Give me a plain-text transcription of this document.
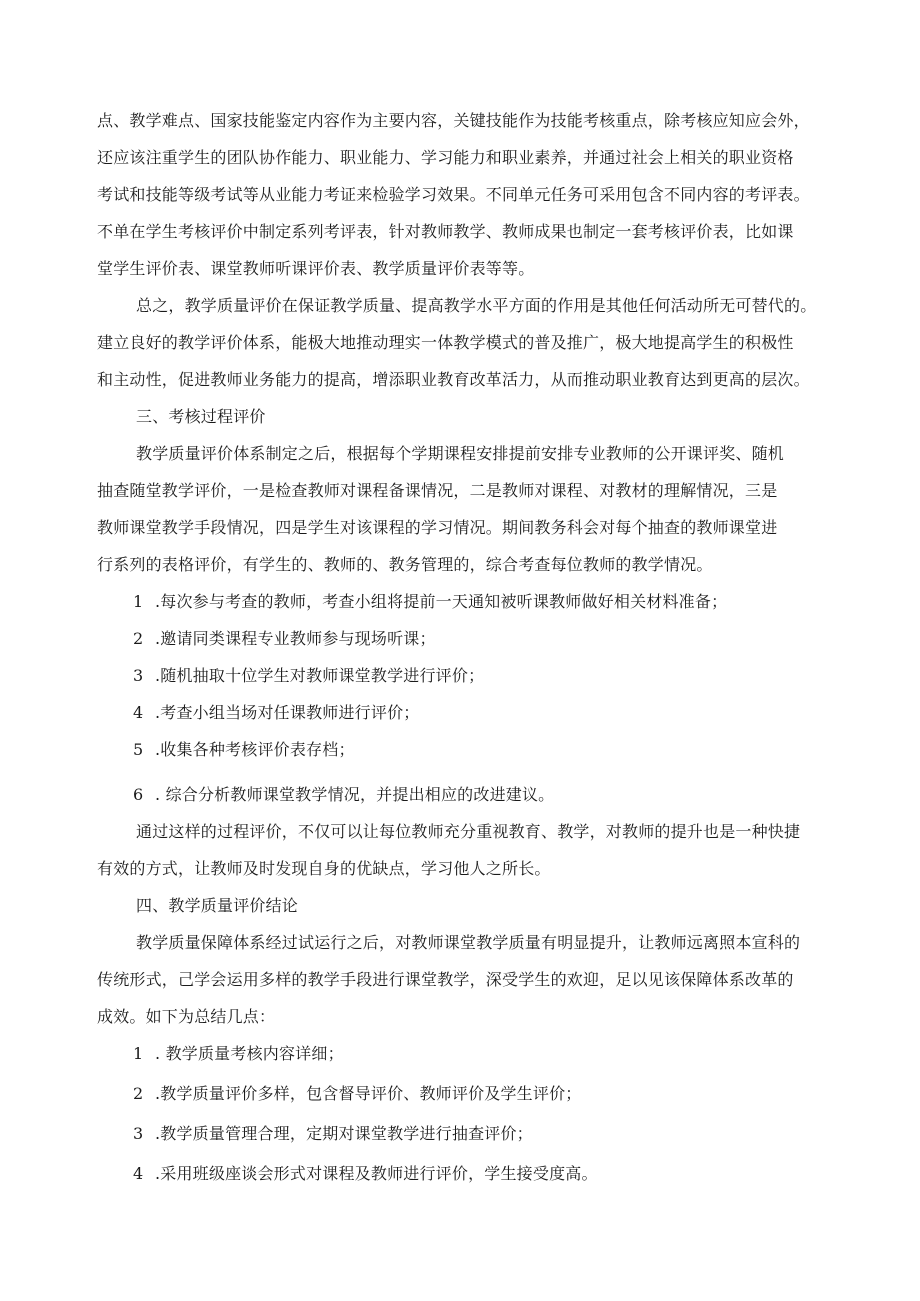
点、教学难点、国家技能鉴定内容作为主要内容，关键技能作为技能考核重点，除考核应知应会外，
还应该注重学生的团队协作能力、职业能力、学习能力和职业素养，并通过社会上相关的职业资格
考试和技能等级考试等从业能力考证来检验学习效果。不同单元任务可采用包含不同内容的考评表。
不单在学生考核评价中制定系列考评表，针对教师教学、教师成果也制定一套考核评价表，比如课
堂学生评价表、课堂教师听课评价表、教学质量评价表等等。
总之，教学质量评价在保证教学质量、提高教学水平方面的作用是其他任何活动所无可替代的。
建立良好的教学评价体系，能极大地推动理实一体教学模式的普及推广，极大地提高学生的积极性
和主动性，促进教师业务能力的提高，增添职业教育改革活力，从而推动职业教育达到更高的层次。
三、考核过程评价
教学质量评价体系制定之后，根据每个学期课程安排提前安排专业教师的公开课评奖、随机
抽查随堂教学评价，一是检查教师对课程备课情况，二是教师对课程、对教材的理解情况，三是
教师课堂教学手段情况，四是学生对该课程的学习情况。期间教务科会对每个抽查的教师课堂进
行系列的表格评价，有学生的、教师的、教务管理的，综合考查每位教师的教学情况。
1 .每次参与考查的教师，考查小组将提前一天通知被听课教师做好相关材料准备；
2 .邀请同类课程专业教师参与现场听课；
3 .随机抽取十位学生对教师课堂教学进行评价；
4 .考查小组当场对任课教师进行评价；
5 .收集各种考核评价表存档；
6 . 综合分析教师课堂教学情况，并提出相应的改进建议。
通过这样的过程评价，不仅可以让每位教师充分重视教育、教学，对教师的提升也是一种快捷
有效的方式，让教师及时发现自身的优缺点，学习他人之所长。
四、教学质量评价结论
教学质量保障体系经过试运行之后，对教师课堂教学质量有明显提升，让教师远离照本宣科的
传统形式，己学会运用多样的教学手段进行课堂教学，深受学生的欢迎，足以见该保障体系改革的
成效。如下为总结几点：
1 . 教学质量考核内容详细；
2 .教学质量评价多样，包含督导评价、教师评价及学生评价；
3 .教学质量管理合理，定期对课堂教学进行抽查评价；
4 .采用班级座谈会形式对课程及教师进行评价，学生接受度高。
